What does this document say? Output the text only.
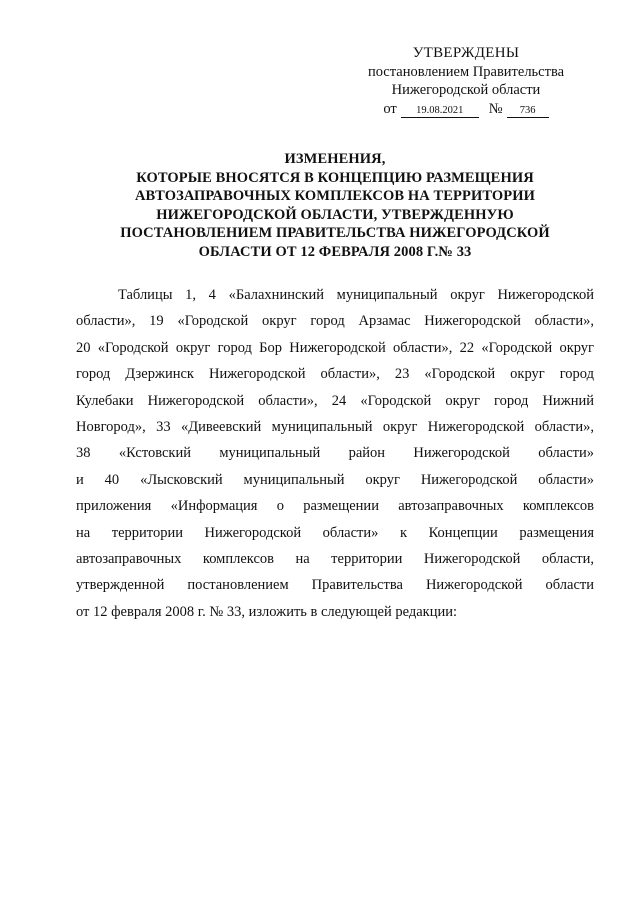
УТВЕРЖДЕНЫ
постановлением Правительства
Нижегородской области
от	19.08.2021	№	736
ИЗМЕНЕНИЯ,
КОТОРЫЕ ВНОСЯТСЯ В КОНЦЕПЦИЮ РАЗМЕЩЕНИЯ
АВТОЗАПРАВОЧНЫХ КОМПЛЕКСОВ НА ТЕРРИТОРИИ
НИЖЕГОРОДСКОЙ ОБЛАСТИ, УТВЕРЖДЕННУЮ
ПОСТАНОВЛЕНИЕМ ПРАВИТЕЛЬСТВА НИЖЕГОРОДСКОЙ
ОБЛАСТИ ОТ 12 ФЕВРАЛЯ 2008 Г.№ 33
Таблицы 1, 4 «Балахнинский муниципальный округ Нижегородской
области», 19 «Городской округ город Арзамас Нижегородской области»,
20 «Городской округ город Бор Нижегородской области», 22 «Городской округ
город Дзержинск Нижегородской области», 23 «Городской округ город
Кулебаки Нижегородской области», 24 «Городской округ город Нижний
Новгород», 33 «Дивеевский муниципальный округ Нижегородской области»,
38 «Кстовский муниципальный район Нижегородской области»
и 40 «Лысковский муниципальный округ Нижегородской области»
приложения «Информация о размещении автозаправочных комплексов
на территории Нижегородской области» к Концепции размещения
автозаправочных комплексов на территории Нижегородской области,
утвержденной постановлением Правительства Нижегородской области
от 12 февраля 2008 г. № 33, изложить в следующей редакции:
